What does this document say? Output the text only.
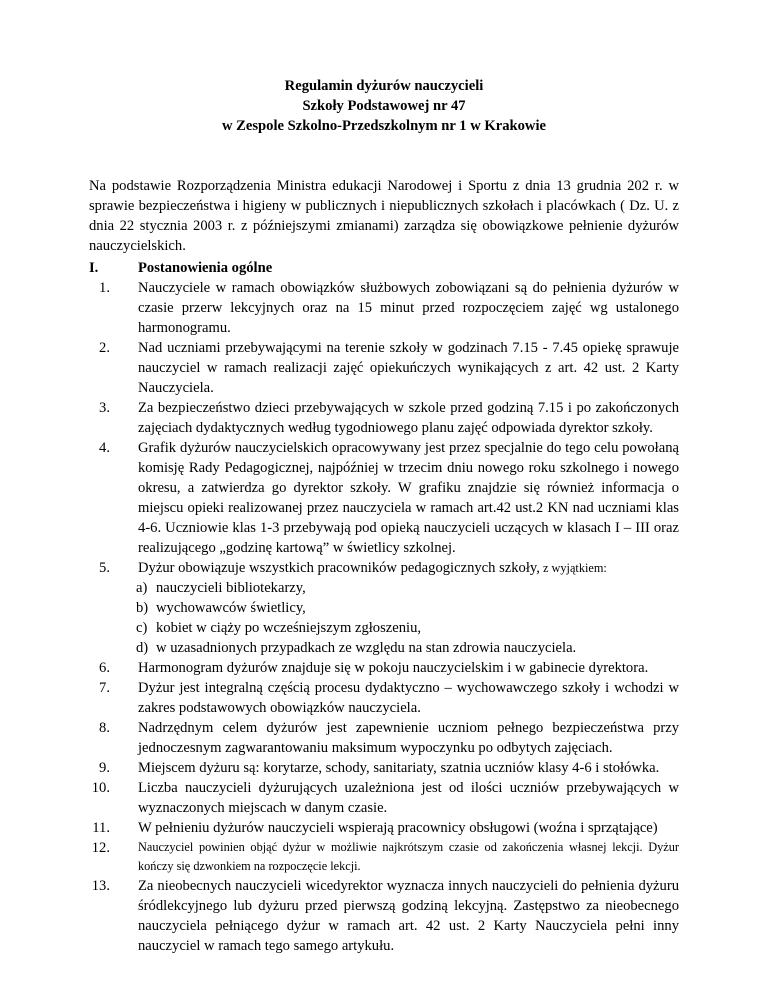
Regulamin dyżurów nauczycieli
Szkoły Podstawowej nr 47
w Zespole Szkolno-Przedszkolnym nr 1 w Krakowie
Na podstawie Rozporządzenia Ministra edukacji Narodowej i Sportu z dnia 13 grudnia 202 r. w sprawie bezpieczeństwa i higieny w publicznych i niepublicznych szkołach i placówkach ( Dz. U. z dnia 22 stycznia 2003 r. z późniejszymi zmianami) zarządza się obowiązkowe pełnienie dyżurów nauczycielskich.
I.	Postanowienia ogólne
1. Nauczyciele w ramach obowiązków służbowych zobowiązani są do pełnienia dyżurów w czasie przerw lekcyjnych oraz na 15 minut przed rozpoczęciem zajęć wg ustalonego harmonogramu.
2. Nad uczniami przebywającymi na terenie szkoły w godzinach 7.15 - 7.45 opiekę sprawuje nauczyciel w ramach realizacji zajęć opiekuńczych wynikających z art. 42 ust. 2 Karty Nauczyciela.
3. Za bezpieczeństwo dzieci przebywających w szkole przed godziną 7.15 i po zakończonych zajęciach dydaktycznych według tygodniowego planu zajęć odpowiada dyrektor szkoły.
4. Grafik dyżurów nauczycielskich opracowywany jest przez specjalnie do tego celu powołaną komisję Rady Pedagogicznej, najpóźniej w trzecim dniu nowego roku szkolnego i nowego okresu, a zatwierdza go dyrektor szkoły. W grafiku znajdzie się również informacja o miejscu opieki realizowanej przez nauczyciela w ramach art.42 ust.2 KN nad uczniami klas 4-6. Uczniowie klas 1-3 przebywają pod opieką nauczycieli uczących w klasach I – III oraz realizującego „godzinę kartową” w świetlicy szkolnej.
5. Dyżur obowiązuje wszystkich pracowników pedagogicznych szkoły, z wyjątkiem:
a) nauczycieli bibliotekarzy,
b) wychowawców świetlicy,
c) kobiet w ciąży po wcześniejszym zgłoszeniu,
d) w uzasadnionych przypadkach ze względu na stan zdrowia nauczyciela.
6. Harmonogram dyżurów znajduje się w pokoju nauczycielskim i w gabinecie dyrektora.
7. Dyżur jest integralną częścią procesu dydaktyczno – wychowawczego szkoły i wchodzi w zakres podstawowych obowiązków nauczyciela.
8. Nadrzędnym celem dyżurów jest zapewnienie uczniom pełnego bezpieczeństwa przy jednoczesnym zagwarantowaniu maksimum wypoczynku po odbytych zajęciach.
9. Miejscem dyżuru są: korytarze, schody, sanitariaty, szatnia uczniów klasy 4-6 i stołówka.
10. Liczba nauczycieli dyżurujących uzależniona jest od ilości uczniów przebywających w wyznaczonych miejscach w danym czasie.
11. W pełnieniu dyżurów nauczycieli wspierają pracownicy obsługowi (woźna i sprzątające)
12. Nauczyciel powinien objąć dyżur w możliwie najkrótszym czasie od zakończenia własnej lekcji. Dyżur kończy się dzwonkiem na rozpoczęcie lekcji.
13. Za nieobecnych nauczycieli wicedyrektor wyznacza innych nauczycieli do pełnienia dyżuru śródlekcyjnego lub dyżuru przed pierwszą godziną lekcyjną. Zastępstwo za nieobecnego nauczyciela pełniącego dyżur w ramach art. 42 ust. 2 Karty Nauczyciela pełni inny nauczyciel w ramach tego samego artykułu.
